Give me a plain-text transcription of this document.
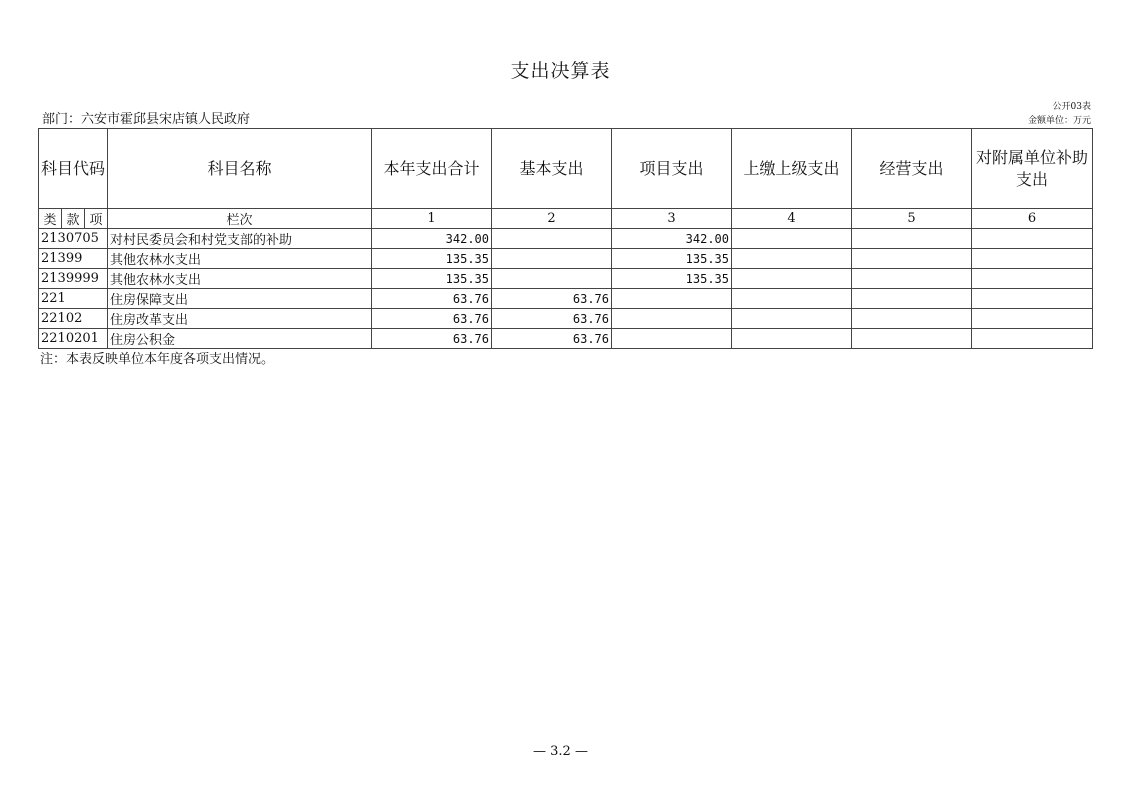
支出决算表
部门：六安市霍邱县宋店镇人民政府
公开03表
金额单位：万元
科目代码	科目名称	本年支出合计	基本支出	项目支出	上缴上级支出	经营支出	对附属单位补助支出

类 款 项	栏次	1	2	3	4	5	6
2130705	对村民委员会和村党支部的补助	342.00		342.00			
21399	其他农林水支出	135.35		135.35			
2139999	其他农林水支出	135.35		135.35			
221	住房保障支出	63.76	63.76				
22102	住房改革支出	63.76	63.76				
2210201	住房公积金	63.76	63.76				
注：本表反映单位本年度各项支出情况。
— 3.2 —
